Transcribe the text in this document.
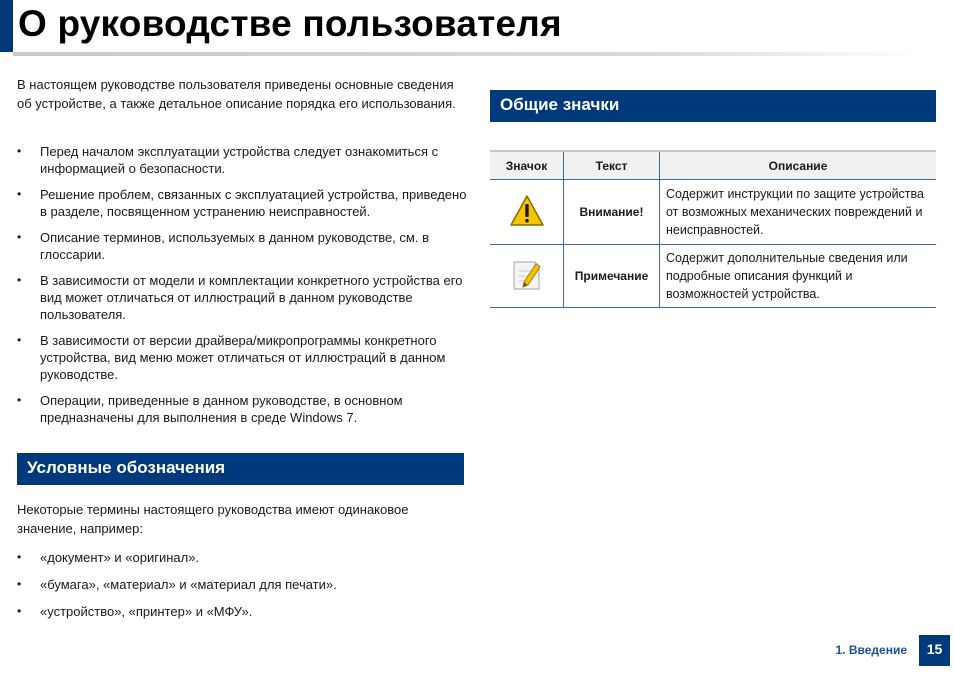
О руководстве пользователя

В настоящем руководстве пользователя приведены основные сведения об устройстве, а также детальное описание порядка его использования.

• Перед началом эксплуатации устройства следует ознакомиться с информацией о безопасности.
• Решение проблем, связанных с эксплуатацией устройства, приведено в разделе, посвященном устранению неисправностей.
• Описание терминов, используемых в данном руководстве, см. в глоссарии.
• В зависимости от модели и комплектации конкретного устройства его вид может отличаться от иллюстраций в данном руководстве пользователя.
• В зависимости от версии драйвера/микропрограммы конкретного устройства, вид меню может отличаться от иллюстраций в данном руководстве.
• Операции, приведенные в данном руководстве, в основном предназначены для выполнения в среде Windows 7.
Условные обозначения

Некоторые термины настоящего руководства имеют одинаковое значение, например:

• «документ» и «оригинал».
• «бумага», «материал» и «материал для печати».
• «устройство», «принтер» и «МФУ».
Общие значки
Значок	Текст	Описание
	Внимание!	Содержит инструкции по защите устройства от возможных механических повреждений и неисправностей.
	Примечание	Содержит дополнительные сведения или подробные описания функций и возможностей устройства.
1. Введение	15
